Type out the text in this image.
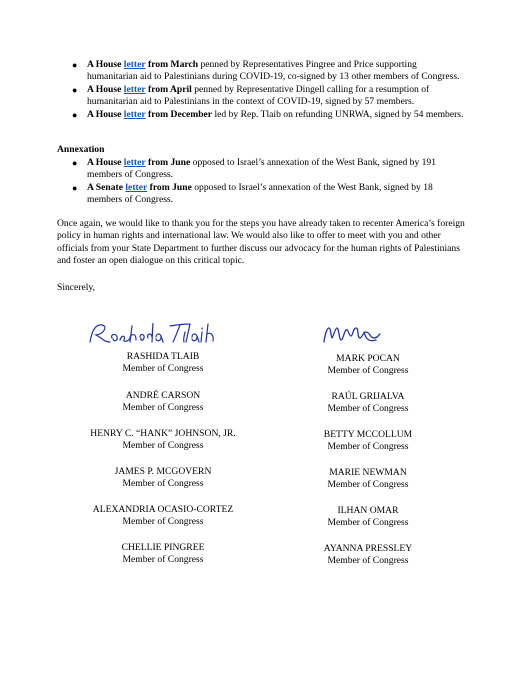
● A House letter from March penned by Representatives Pingree and Price supporting humanitarian aid to Palestinians during COVID-19, co-signed by 13 other members of Congress.
● A House letter from April penned by Representative Dingell calling for a resumption of humanitarian aid to Palestinians in the context of COVID-19, signed by 57 members.
● A House letter from December led by Rep. Tlaib on refunding UNRWA, signed by 54 members.
Annexation
● A House letter from June opposed to Israel’s annexation of the West Bank, signed by 191 members of Congress.
● A Senate letter from June opposed to Israel’s annexation of the West Bank, signed by 18 members of Congress.
Once again, we would like to thank you for the steps you have already taken to recenter America’s foreign policy in human rights and international law. We would also like to offer to meet with you and other officials from your State Department to further discuss our advocacy for the human rights of Palestinians and foster an open dialogue on this critical topic.
Sincerely,
RASHIDA TLAIB
Member of Congress
ANDRÉ CARSON
Member of Congress
HENRY C. “HANK” JOHNSON, JR.
Member of Congress
JAMES P. MCGOVERN
Member of Congress
ALEXANDRIA OCASIO-CORTEZ
Member of Congress
CHELLIE PINGREE
Member of Congress
MARK POCAN
Member of Congress
RAÚL GRIJALVA
Member of Congress
BETTY MCCOLLUM
Member of Congress
MARIE NEWMAN
Member of Congress
ILHAN OMAR
Member of Congress
AYANNA PRESSLEY
Member of Congress
